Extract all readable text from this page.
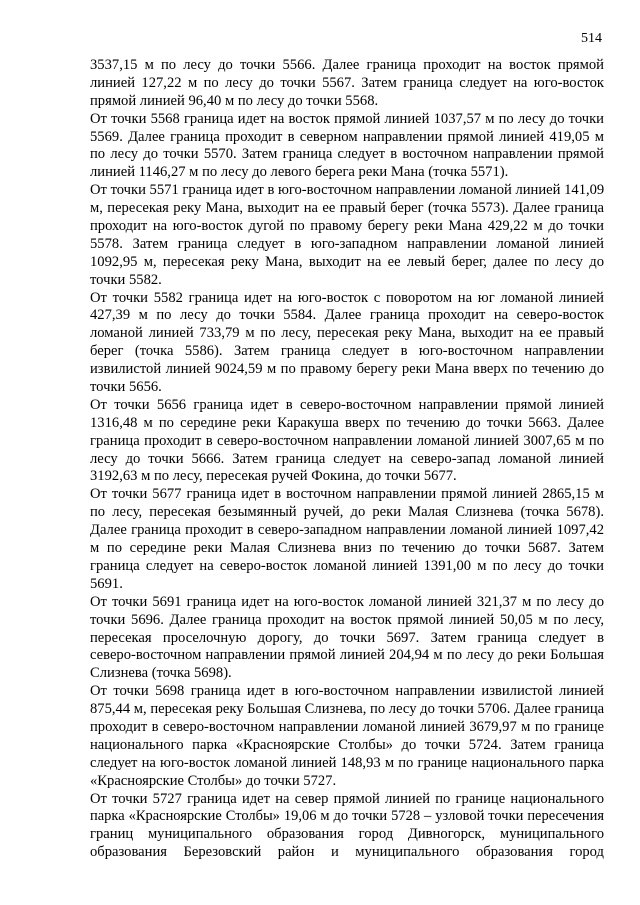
514
3537,15 м по лесу до точки 5566. Далее граница проходит на восток прямой
линией 127,22 м по лесу до точки 5567. Затем граница следует на юго-восток
прямой линией 96,40 м по лесу до точки 5568.
От точки 5568 граница идет на восток прямой линией 1037,57 м по лесу до точки
5569. Далее граница проходит в северном направлении прямой линией 419,05 м
по лесу до точки 5570. Затем граница следует в восточном направлении прямой
линией 1146,27 м по лесу до левого берега реки Мана (точка 5571).
От точки 5571 граница идет в юго-восточном направлении ломаной линией 141,09
м, пересекая реку Мана, выходит на ее правый берег (точка 5573). Далее граница
проходит на юго-восток дугой по правому берегу реки Мана 429,22 м до точки
5578. Затем граница следует в юго-западном направлении ломаной линией
1092,95 м, пересекая реку Мана, выходит на ее левый берег, далее по лесу до
точки 5582.
От точки 5582 граница идет на юго-восток с поворотом на юг ломаной линией
427,39 м по лесу до точки 5584. Далее граница проходит на северо-восток
ломаной линией 733,79 м по лесу, пересекая реку Мана, выходит на ее правый
берег (точка 5586). Затем граница следует в юго-восточном направлении
извилистой линией 9024,59 м по правому берегу реки Мана вверх по течению до
точки 5656.
От точки 5656 граница идет в северо-восточном направлении прямой линией
1316,48 м по середине реки Каракуша вверх по течению до точки 5663. Далее
граница проходит в северо-восточном направлении ломаной линией 3007,65 м по
лесу до точки 5666. Затем граница следует на северо-запад ломаной линией
3192,63 м по лесу, пересекая ручей Фокина, до точки 5677.
От точки 5677 граница идет в восточном направлении прямой линией 2865,15 м
по лесу, пересекая безымянный ручей, до реки Малая Слизнева (точка 5678).
Далее граница проходит в северо-западном направлении ломаной линией 1097,42
м по середине реки Малая Слизнева вниз по течению до точки 5687. Затем
граница следует на северо-восток ломаной линией 1391,00 м по лесу до точки
5691.
От точки 5691 граница идет на юго-восток ломаной линией 321,37 м по лесу до
точки 5696. Далее граница проходит на восток прямой линией 50,05 м по лесу,
пересекая проселочную дорогу, до точки 5697. Затем граница следует в
северо-восточном направлении прямой линией 204,94 м по лесу до реки Большая
Слизнева (точка 5698).
От точки 5698 граница идет в юго-восточном направлении извилистой линией
875,44 м, пересекая реку Большая Слизнева, по лесу до точки 5706. Далее граница
проходит в северо-восточном направлении ломаной линией 3679,97 м по границе
национального парка «Красноярские Столбы» до точки 5724. Затем граница
следует на юго-восток ломаной линией 148,93 м по границе национального парка
«Красноярские Столбы» до точки 5727.
От точки 5727 граница идет на север прямой линией по границе национального
парка «Красноярские Столбы» 19,06 м до точки 5728 – узловой точки пересечения
границ муниципального образования город Дивногорск, муниципального
образования Березовский район и муниципального образования город
